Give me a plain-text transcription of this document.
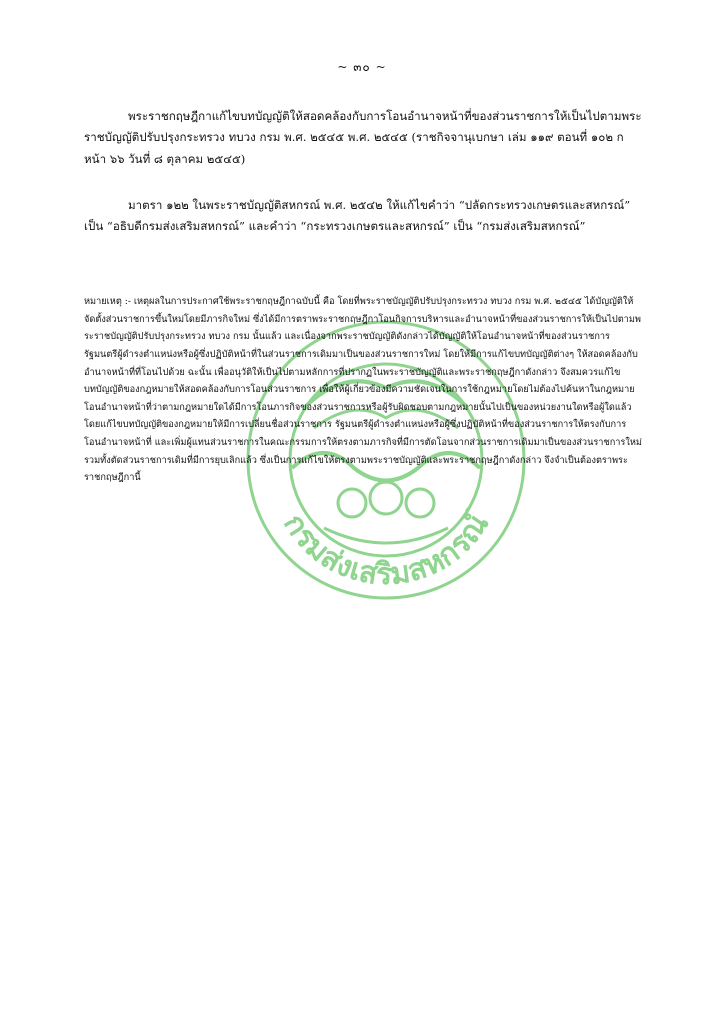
~ ๓๐ ~

พระราชกฤษฎีกาแก้ไขบทบัญญัติให้สอดคล้องกับการโอนอำนาจหน้าที่ของส่วนราชการให้เป็นไปตามพระราชบัญญัติปรับปรุงกระทรวง ทบวง กรม พ.ศ. ๒๕๔๕ พ.ศ. ๒๕๔๕ (ราชกิจจานุเบกษา เล่ม ๑๑๙ ตอนที่ ๑๐๒ ก หน้า ๖๖ วันที่ ๘ ตุลาคม ๒๕๔๕)

มาตรา ๑๒๒ ในพระราชบัญญัติสหกรณ์ พ.ศ. ๒๕๔๒ ให้แก้ไขคำว่า “ปลัดกระทรวงเกษตรและสหกรณ์” เป็น “อธิบดีกรมส่งเสริมสหกรณ์” และคำว่า “กระทรวงเกษตรและสหกรณ์” เป็น “กรมส่งเสริมสหกรณ์”

กรมส่งเสริมสหกรณ์

หมายเหตุ :- เหตุผลในการประกาศใช้พระราชกฤษฎีกาฉบับนี้ คือ โดยที่พระราชบัญญัติปรับปรุงกระทรวง ทบวง กรม พ.ศ. ๒๕๔๕ ได้บัญญัติให้จัดตั้งส่วนราชการขึ้นใหม่โดยมีภารกิจใหม่ ซึ่งได้มีการตราพระราชกฤษฎีกาโอนกิจการบริหารและอำนาจหน้าที่ของส่วนราชการให้เป็นไปตามพระราชบัญญัติปรับปรุงกระทรวง ทบวง กรม นั้นแล้ว และเนื่องจากพระราชบัญญัติดังกล่าวได้บัญญัติให้โอนอำนาจหน้าที่ของส่วนราชการ รัฐมนตรีผู้ดำรงตำแหน่งหรือผู้ซึ่งปฏิบัติหน้าที่ในส่วนราชการเดิมมาเป็นของส่วนราชการใหม่ โดยให้มีการแก้ไขบทบัญญัติต่างๆ ให้สอดคล้องกับอำนาจหน้าที่ที่โอนไปด้วย ฉะนั้น เพื่ออนุวัติให้เป็นไปตามหลักการที่ปรากฏในพระราชบัญญัติและพระราชกฤษฎีกาดังกล่าว จึงสมควรแก้ไขบทบัญญัติของกฎหมายให้สอดคล้องกับการโอนส่วนราชการ เพื่อให้ผู้เกี่ยวข้องมีความชัดเจนในการใช้กฎหมายโดยไม่ต้องไปค้นหาในกฎหมายโอนอำนาจหน้าที่ว่าตามกฎหมายใดได้มีการโอนภารกิจของส่วนราชการหรือผู้รับผิดชอบตามกฎหมายนั้นไปเป็นของหน่วยงานใดหรือผู้ใดแล้ว โดยแก้ไขบทบัญญัติของกฎหมายให้มีการเปลี่ยนชื่อส่วนราชการ รัฐมนตรีผู้ดำรงตำแหน่งหรือผู้ซึ่งปฏิบัติหน้าที่ของส่วนราชการให้ตรงกับการโอนอำนาจหน้าที่ และเพิ่มผู้แทนส่วนราชการในคณะกรรมการให้ตรงตามภารกิจที่มีการตัดโอนจากส่วนราชการเดิมมาเป็นของส่วนราชการใหม่ รวมทั้งตัดส่วนราชการเดิมที่มีการยุบเลิกแล้ว ซึ่งเป็นการแก้ไขให้ตรงตามพระราชบัญญัติและพระราชกฤษฎีกาดังกล่าว จึงจำเป็นต้องตราพระราชกฤษฎีกานี้
